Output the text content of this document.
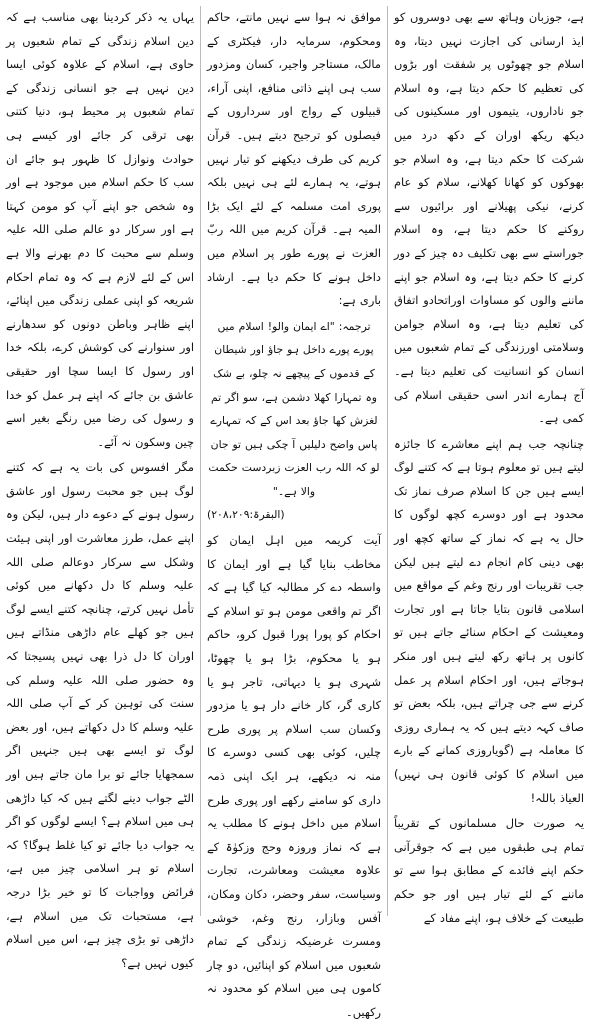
ہے، جوزبان وہاتھ سے بھی دوسروں کو ایذ ارسانی کی اجازت نہیں دیتا، وہ اسلام جو چھوٹوں پر شفقت اور بڑوں کی تعظیم کا حکم دیتا ہے، وہ اسلام جو ناداروں، یتیموں اور مسکینوں کی دیکھ ریکھ اوران کے دکھ درد میں شرکت کا حکم دیتا ہے، وہ اسلام جو بھوکوں کو کھانا کھلانے، سلام کو عام کرنے، نیکی پھیلانے اور برائیوں سے روکنے کا حکم دیتا ہے، وہ اسلام جوراستے سے بھی تکلیف دہ چیز کے دور کرنے کا حکم دیتا ہے، وہ اسلام جو اپنے ماننے والوں کو مساوات اوراتحادو اتفاق کی تعلیم دیتا ہے، وہ اسلام جوامن وسلامتی اورزندگی کے تمام شعبوں میں انسان کو انسانیت کی تعلیم دیتا ہے۔ آج ہمارے اندر اسی حقیقی اسلام کی کمی ہے۔

چنانچہ جب ہم اپنے معاشرے کا جائزہ لیتے ہیں تو معلوم ہوتا ہے کہ کتنے لوگ ایسے ہیں جن کا اسلام صرف نماز تک محدود ہے اور دوسرے کچھ لوگوں کا حال یہ ہے کہ نماز کے ساتھ کچھ اور بھی دینی کام انجام دے لیتے ہیں لیکن جب تقریبات اور رنج وغم کے مواقع میں اسلامی قانون بتایا جاتا ہے اور تجارت ومعیشت کے احکام سنائے جاتے ہیں تو کانوں پر ہاتھ رکھ لیتے ہیں اور منکر ہوجاتے ہیں، اور احکام اسلام پر عمل کرنے سے جی چراتے ہیں، بلکہ بعض تو صاف کہہ دیتے ہیں کہ یہ ہماری روزی کا معاملہ ہے (گویاروزی کمانے کے بارے میں اسلام کا کوئی قانون ہی نہیں) العیاذ باللہ!

یہ صورت حال مسلمانوں کے تقریباً تمام ہی طبقوں میں ہے کہ جوقرآنی حکم اپنے فائدے کے مطابق ہوا سے تو ماننے کے لئے تیار ہیں اور جو حکم طبیعت کے خلاف ہو، اپنے مفاد کے

موافق نہ ہوا سے نہیں مانتے، حاکم ومحکوم، سرمایہ دار، فیکٹری کے مالک، مستاجر واجیر، کسان ومزدور سب ہی اپنے ذاتی منافع، اپنی آراء، قبیلوں کے رواج اور سرداروں کے فیصلوں کو ترجیح دیتے ہیں۔ قرآن کریم کی طرف دیکھنے کو تیار نہیں ہوتے، یہ ہمارے لئے ہی نہیں بلکہ پوری امت مسلمہ کے لئے ایک بڑا المیہ ہے۔ قرآن کریم میں اللہ ربّ العزت نے پورے طور پر اسلام میں داخل ہونے کا حکم دیا ہے۔ ارشاد باری ہے:

ترجمہ: "اے ایمان والو! اسلام میں پورے پورے داخل ہو جاؤ اور شیطان کے قدموں کے پیچھے نہ چلو، بے شک وہ تمہارا کھلا دشمن ہے، سو اگر تم لغزش کھا جاؤ بعد اس کے کہ تمہارے پاس واضح دلیلیں آ چکی ہیں تو جان لو کہ اللہ رب العزت زبردست حکمت والا ہے۔"

(البقرۃ:۲۰۸،۲۰۹)

آیت کریمہ میں اہل ایمان کو مخاطب بنایا گیا ہے اور ایمان کا واسطہ دے کر مطالبہ کیا گیا ہے کہ اگر تم واقعی مومن ہو تو اسلام کے احکام کو پورا پورا قبول کرو، حاکم ہو یا محکوم، بڑا ہو یا چھوٹا، شہری ہو یا دیہاتی، تاجر ہو یا کاری گر، کار خانے دار ہو یا مزدور وکسان سب اسلام پر پوری طرح چلیں، کوئی بھی کسی دوسرے کا منہ نہ دیکھے، ہر ایک اپنی ذمہ داری کو سامنے رکھے اور پوری طرح اسلام میں داخل ہونے کا مطلب یہ ہے کہ نماز وروزہ وحج وزکوٰۃ کے علاوہ معیشت ومعاشرت، تجارت وسیاست، سفر وحضر، دکان ومکان، آفس وبازار، رنج وغم، خوشی ومسرت غرضیکہ زندگی کے تمام شعبوں میں اسلام کو اپنائیں، دو چار کاموں ہی میں اسلام کو محدود نہ رکھیں۔

یہاں یہ ذکر کردینا بھی مناسب ہے کہ دین اسلام زندگی کے تمام شعبوں پر حاوی ہے، اسلام کے علاوہ کوئی ایسا دین نہیں ہے جو انسانی زندگی کے تمام شعبوں پر محیط ہو، دنیا کتنی بھی ترقی کر جائے اور کیسے ہی حوادث ونوازل کا ظہور ہو جائے ان سب کا حکم اسلام میں موجود ہے اور وہ شخص جو اپنے آپ کو مومن کہتا ہے اور سرکار دو عالم صلی اللہ علیہ وسلم سے محبت کا دم بھرنے والا ہے اس کے لئے لازم ہے کہ وہ تمام احکام شریعہ کو اپنی عملی زندگی میں اپنائے، اپنے ظاہر وباطن دونوں کو سدھارنے اور سنوارنے کی کوشش کرے، بلکہ خدا اور رسول کا ایسا سچا اور حقیقی عاشق بن جائے کہ اپنے ہر عمل کو خدا و رسول کی رضا میں رنگے بغیر اسے چین وسکون نہ آئے۔

مگر افسوس کی بات یہ ہے کہ کتنے لوگ ہیں جو محبت رسول اور عاشق رسول ہونے کے دعوے دار ہیں، لیکن وہ اپنے عمل، طرز معاشرت اور اپنی ہیئت وشکل سے سرکار دوعالم صلی اللہ علیہ وسلم کا دل دکھانے میں کوئی تأمل نہیں کرتے، چنانچہ کتنے ایسے لوگ ہیں جو کھلے عام داڑھی منڈاتے ہیں اوران کا دل ذرا بھی نہیں پسیجتا کہ وہ حضور صلی اللہ علیہ وسلم کی سنت کی توہین کر کے آپ صلی اللہ علیہ وسلم کا دل دکھاتے ہیں، اور بعض لوگ تو ایسے بھی ہیں جنہیں اگر سمجھایا جائے تو برا مان جاتے ہیں اور الٹے جواب دینے لگتے ہیں کہ کیا داڑھی ہی میں اسلام ہے؟ ایسے لوگوں کو اگر یہ جواب دیا جائے تو کیا غلط ہوگا؟ کہ اسلام تو ہر اسلامی چیز میں ہے، فرائض وواجبات کا تو خیر بڑا درجہ ہے، مستحبات تک میں اسلام ہے، داڑھی تو بڑی چیز ہے، اس میں اسلام کیوں نہیں ہے؟
